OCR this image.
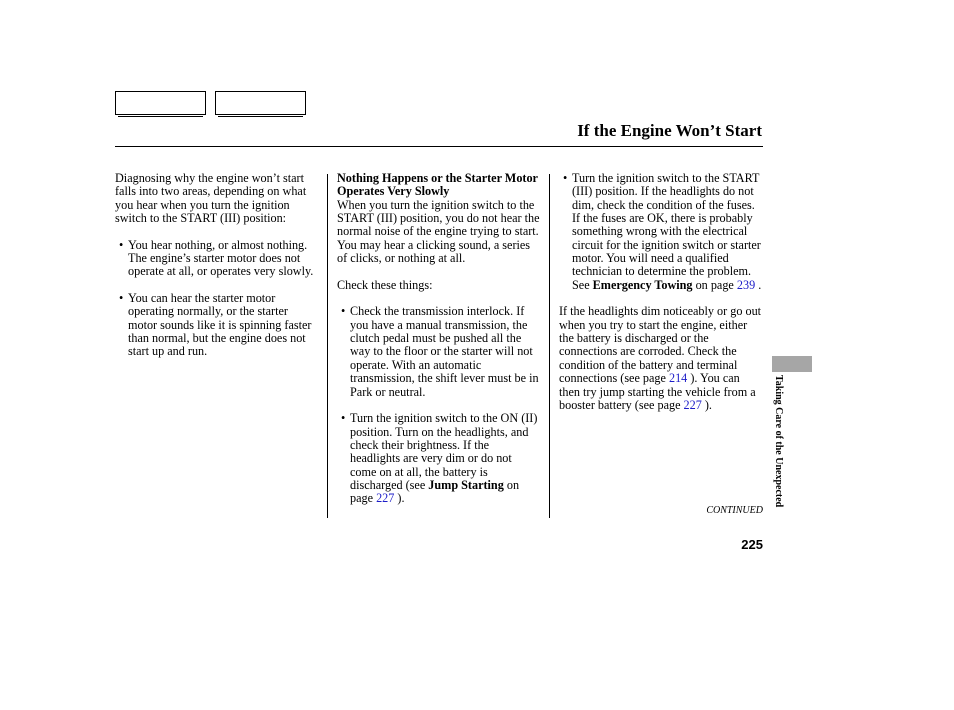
If the Engine Won’t Start

Diagnosing why the engine won’t start falls into two areas, depending on what you hear when you turn the ignition switch to the START (III) position:

• You hear nothing, or almost nothing. The engine’s starter motor does not operate at all, or operates very slowly.
• You can hear the starter motor operating normally, or the starter motor sounds like it is spinning faster than normal, but the engine does not start up and run.
Nothing Happens or the Starter Motor Operates Very Slowly

When you turn the ignition switch to the START (III) position, you do not hear the normal noise of the engine trying to start. You may hear a clicking sound, a series of clicks, or nothing at all.

Check these things:

• Check the transmission interlock. If you have a manual transmission, the clutch pedal must be pushed all the way to the floor or the starter will not operate. With an automatic transmission, the shift lever must be in Park or neutral.
• Turn the ignition switch to the ON (II) position. Turn on the headlights, and check their brightness. If the headlights are very dim or do not come on at all, the battery is discharged (see Jump Starting on page 227 ).
• Turn the ignition switch to the START (III) position. If the headlights do not dim, check the condition of the fuses. If the fuses are OK, there is probably something wrong with the electrical circuit for the ignition switch or starter motor. You will need a qualified technician to determine the problem. See Emergency Towing on page 239 .

If the headlights dim noticeably or go out when you try to start the engine, either the battery is discharged or the connections are corroded. Check the condition of the battery and terminal connections (see page 214 ). You can then try jump starting the vehicle from a booster battery (see page 227 ).

CONTINUED
225
Taking Care of the Unexpected
